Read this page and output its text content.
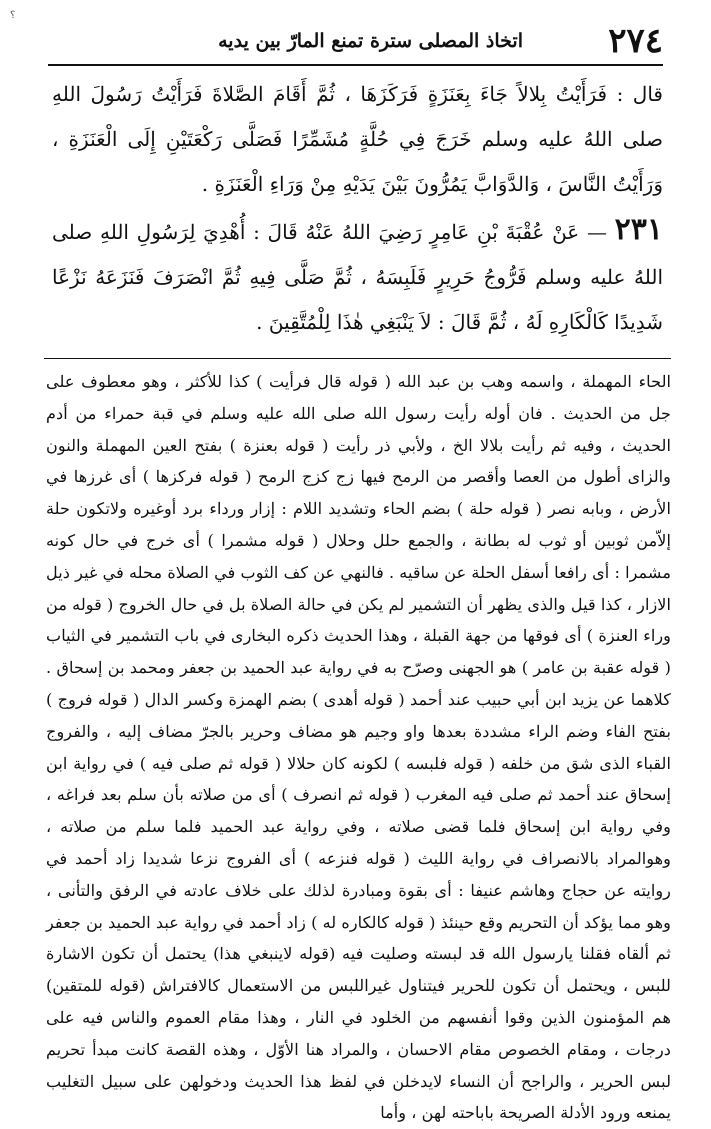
؟
٢٧٤
اتخاذ المصلى سترة تمنع المارّ بين يديه

قال : فَرَأَيْتُ بِلالاً جَاءَ بِعَنَزَةٍ فَرَكَزَهَا ، ثُمَّ أَقَامَ الصَّلاةَ فَرَأَيْتُ رَسُولَ اللهِ صلى اللهُ عليه وسلم خَرَجَ فِي حُلَّةٍ مُشَمِّرًا فَصَلَّى رَكْعَتَيْنِ إِلَى الْعَنَزَةِ ، وَرَأَيْتُ النَّاسَ ، وَالدَّوَابَّ يَمُرُّونَ بَيْنَ يَدَيْهِ مِنْ وَرَاءِ الْعَنَزَةِ .

٢٣١ — عَنْ عُقْبَةَ بْنِ عَامِرٍ رَضِيَ اللهُ عَنْهُ قَالَ : أُهْدِيَ لِرَسُولِ اللهِ صلى اللهُ عليه وسلم فَرُّوجُ حَرِيرٍ فَلَبِسَهُ ، ثُمَّ صَلَّى فِيهِ ثُمَّ انْصَرَفَ فَنَزَعَهُ نَزْعًا شَدِيدًا كَالْكَارِهِ لَهُ ، ثُمَّ قَالَ : لاَ يَنْبَغِي هٰذَا لِلْمُتَّقِينَ .

الحاء المهملة ، واسمه وهب بن عبد الله ( قوله قال فرأيت ) كذا للأكثر ، وهو معطوف على جل من الحديث . فان أوله رأيت رسول الله صلى الله عليه وسلم في قبة حمراء من أدم الحديث ، وفيه ثم رأيت بلالا الخ ، ولأبي ذر رأيت ( قوله بعنزة ) بفتح العين المهملة والنون والزاى أطول من العصا وأقصر من الرمح فيها زج كزج الرمح ( قوله فركزها ) أى غرزها في الأرض ، وبابه نصر ( قوله حلة ) بضم الحاء وتشديد اللام : إزار ورداء برد أوغيره ولاتكون حلة إلاّمن ثوبين أو ثوب له بطانة ، والجمع حلل وحلال ( قوله مشمرا ) أى خرج في حال كونه مشمرا : أى رافعا أسفل الحلة عن ساقيه . فالنهي عن كف الثوب في الصلاة محله في غير ذيل الازار ، كذا قيل والذى يظهر أن التشمير لم يكن في حالة الصلاة بل في حال الخروج ( قوله من وراء العنزة ) أى فوقها من جهة القبلة ، وهذا الحديث ذكره البخارى في باب التشمير في الثياب ( قوله عقبة بن عامر ) هو الجهنى وصرّح به في رواية عبد الحميد بن جعفر ومحمد بن إسحاق . كلاهما عن يزيد ابن أبي حبيب عند أحمد ( قوله أهدى ) بضم الهمزة وكسر الدال ( قوله فروج ) بفتح الفاء وضم الراء مشددة بعدها واو وجيم هو مضاف وحرير بالجرّ مضاف إليه ، والفروج القباء الذى شق من خلفه ( قوله فلبسه ) لكونه كان حلالا ( قوله ثم صلى فيه ) في رواية ابن إسحاق عند أحمد ثم صلى فيه المغرب ( قوله ثم انصرف ) أى من صلاته بأن سلم بعد فراغه ، وفي رواية ابن إسحاق فلما قضى صلاته ، وفي رواية عبد الحميد فلما سلم من صلاته ، وهوالمراد بالانصراف في رواية الليث ( قوله فنزعه ) أى الفروج نزعا شديدا زاد أحمد في روايته عن حجاج وهاشم عنيفا : أى بقوة ومبادرة لذلك على خلاف عادته في الرفق والتأنى ، وهو مما يؤكد أن التحريم وقع حينئذ ( قوله كالكاره له ) زاد أحمد في رواية عبد الحميد بن جعفر ثم ألقاه فقلنا يارسول الله قد لبسته وصليت فيه (قوله لاينبغي هذا) يحتمل أن تكون الاشارة للبس ، ويحتمل أن تكون للحرير فيتناول غيراللبس من الاستعمال كالافتراش (قوله للمتقين) هم المؤمنون الذين وقوا أنفسهم من الخلود في النار ، وهذا مقام العموم والناس فيه على درجات ، ومقام الخصوص مقام الاحسان ، والمراد هنا الأوّل ، وهذه القصة كانت مبدأ تحريم لبس الحرير ، والراجح أن النساء لايدخلن في لفظ هذا الحديث ودخولهن على سبيل التغليب يمنعه ورود الأدلة الصريحة باباحته لهن ، وأما
